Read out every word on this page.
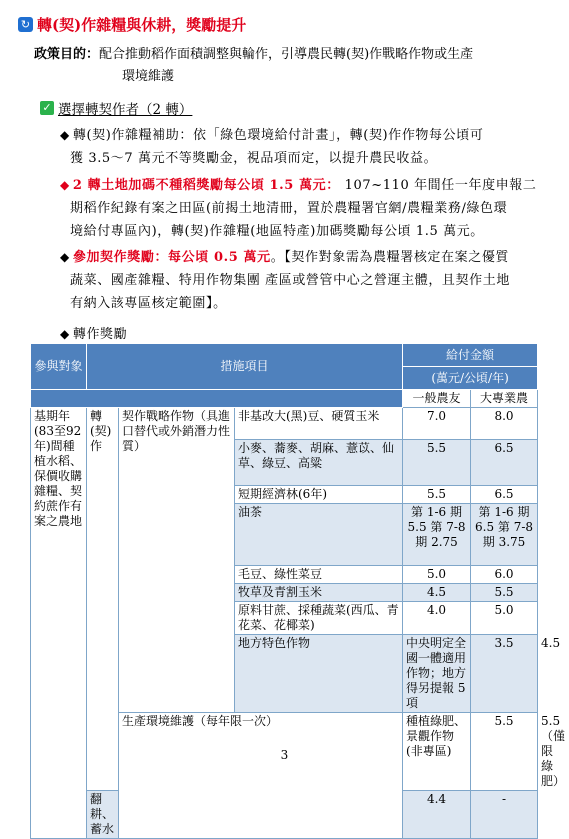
↻ 轉(契)作雜糧與休耕，獎勵提升
政策目的：配合推動稻作面積調整與輪作，引導農民轉(契)作戰略作物或生產
環境維護
✓ 選擇轉契作者（2 轉）
◆ 轉(契)作雜糧補助：依「綠色環境給付計畫」，轉(契)作作物每公頃可
獲 3.5～7 萬元不等獎勵金，視品項而定，以提升農民收益。
◆ 2 轉土地加碼不種稻獎勵每公頃 1.5 萬元： 107~110 年間任一年度申報二
期稻作紀錄有案之田區(前揭土地清冊，置於農糧署官網/農糧業務/綠色環
境給付專區內)，轉(契)作雜糧(地區特產)加碼獎勵每公頃 1.5 萬元。
◆ 參加契作獎勵：每公頃 0.5 萬元。【契作對象需為農糧署核定在案之優質
蔬菜、國產雜糧、特用作物集團 產區或營管中心之營運主體，且契作土地
有納入該專區核定範圍】。
◆ 轉作獎勵
參與對象	措施項目			給付金額		
				(萬元/公頃/年)		
				一般農友	大專業農	
基期年(83至92年)間種植水稻、保價收購雜糧、契約蔗作有案之農地	轉(契)作	契作戰略作物（具進口替代或外銷潛力性質）	非基改大(黑)豆、硬質玉米	7.0	8.0	
			小麥、蕎麥、胡麻、薏苡、仙草、綠豆、高粱	5.5	6.5	
			短期經濟林(6年)	5.5	6.5	
			油茶	第 1-6 期 5.5 第 7-8 期 2.75	第 1-6 期 6.5 第 7-8 期 3.75	
			毛豆、綠性菜豆	5.0	6.0	
			牧草及青割玉米	4.5	5.5	
			原料甘蔗、採種蔬菜(西瓜、青花菜、花椰菜)	4.0	5.0	
			地方特色作物	中央明定全國一體適用作物；地方得另提報 5 項	3.5	4.5
		生產環境維護（每年限一次）		種植綠肥、景觀作物(非專區)	5.5	5.5（僅限綠肥）
	翻耕、蓄水			4.4	-	
3
